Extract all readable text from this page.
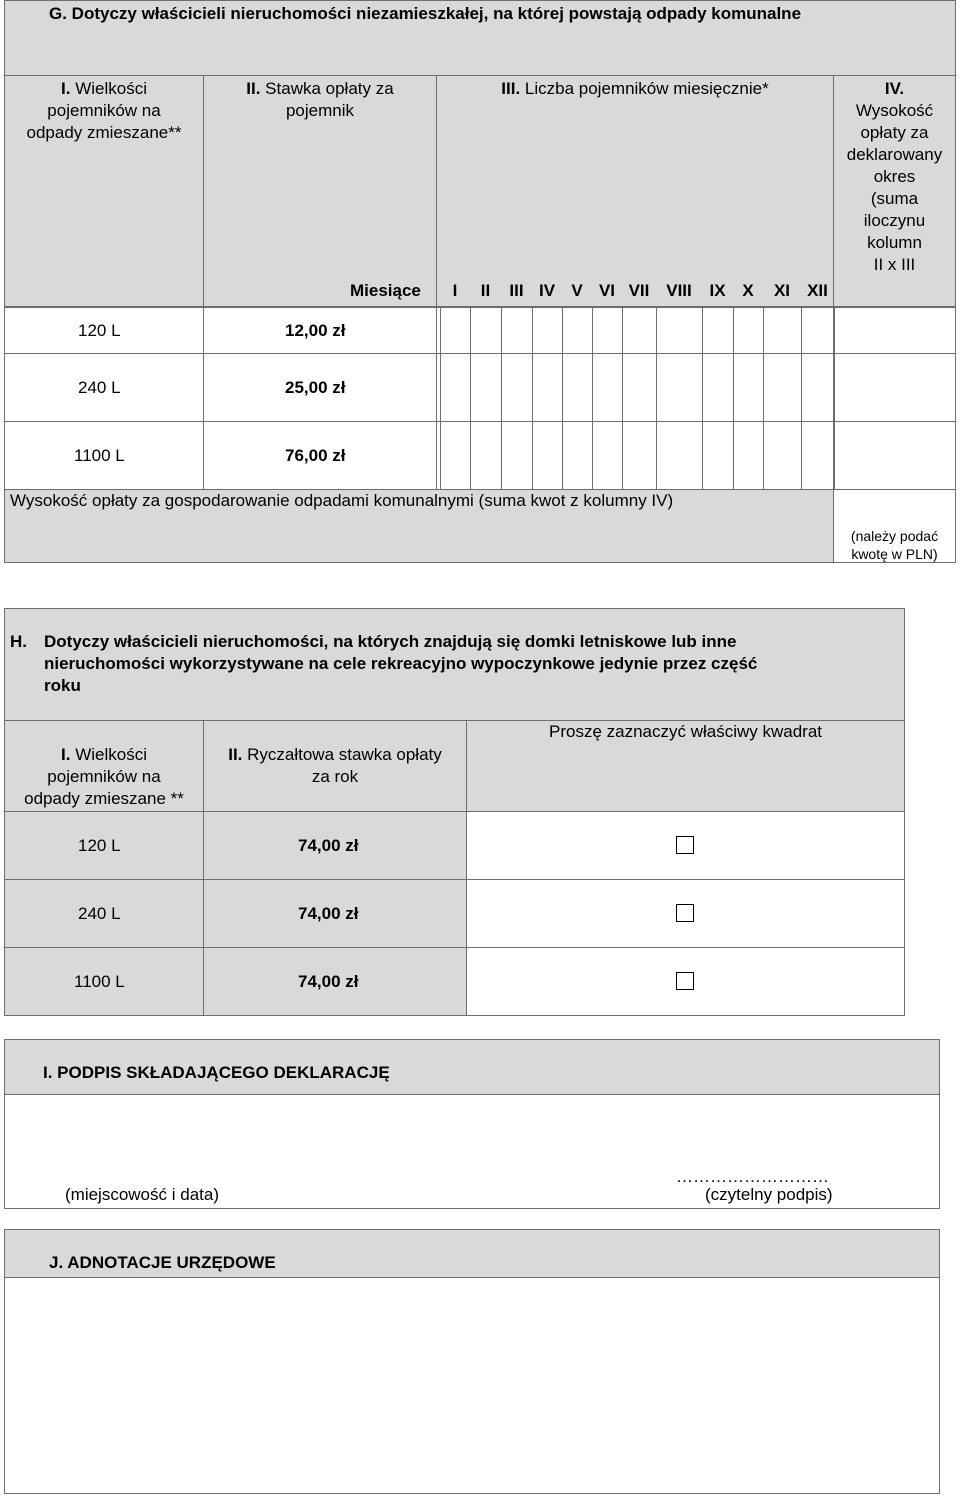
G. Dotyczy właścicieli nieruchomości niezamieszkałej, na której powstają odpady komunalne
I. Wielkości
pojemników na
odpady zmieszane**
II. Stawka opłaty za
pojemnik
III. Liczba pojemników miesięcznie*	IV.
Wysokość
opłaty za
deklarowany
okres
(suma
iloczynu
kolumn
II x III
Miesiące	I	II	III IV V VI VII VIII	IX X	XI	XII
120 L	12,00 zł
240 L	25,00 zł
1100 L	76,00 zł
Wysokość opłaty za gospodarowanie odpadami komunalnymi (suma kwot z kolumny IV)
(należy podać
kwotę w PLN)
H. Dotyczy właścicieli nieruchomości, na których znajdują się domki letniskowe lub inne
nieruchomości wykorzystywane na cele rekreacyjno wypoczynkowe jedynie przez część
roku
I. Wielkości
pojemników na
odpady zmieszane **
II. Ryczałtowa stawka opłaty
za rok
Proszę zaznaczyć właściwy kwadrat
120 L	74,00 zł
240 L	74,00 zł
1100 L	74,00 zł
I. PODPIS SKŁADAJĄCEGO DEKLARACJĘ
(miejscowość i data)
………………………
(czytelny podpis)
J. ADNOTACJE URZĘDOWE
